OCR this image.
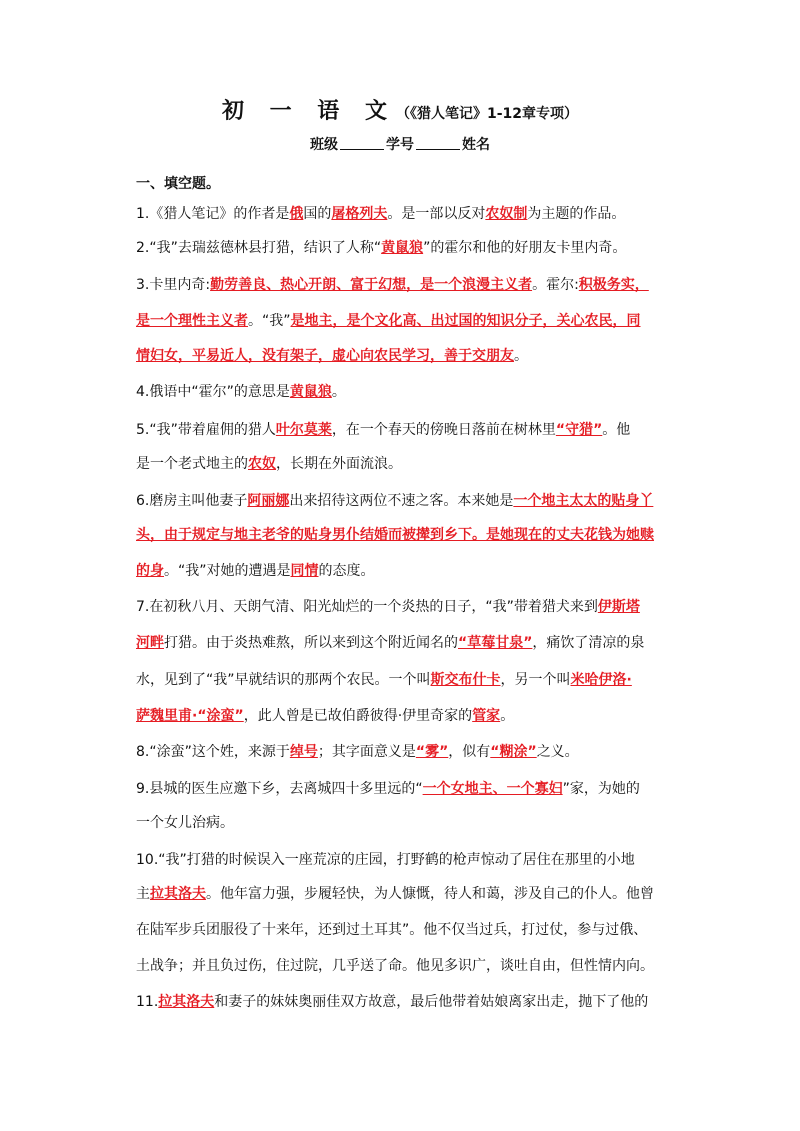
初 一 语 文（《猎人笔记》1-12章专项）
班级	学号	姓名
一、填空题。
1.《猎人笔记》的作者是俄国的屠格列夫。是一部以反对农奴制为主题的作品。
2.“我”去瑞兹德林县打猎，结识了人称“黄鼠狼”的霍尔和他的好朋友卡里内奇。
3.卡里内奇:勤劳善良、热心开朗、富于幻想，是一个浪漫主义者。霍尔:积极务实，
是一个理性主义者。“我”是地主，是个文化高、出过国的知识分子，关心农民，同
情妇女，平易近人，没有架子，虚心向农民学习，善于交朋友。
4.俄语中“霍尔”的意思是黄鼠狼。
5.“我”带着雇佣的猎人叶尔莫莱，在一个春天的傍晚日落前在树林里“守猎”。他
是一个老式地主的农奴，长期在外面流浪。
6.磨房主叫他妻子阿丽娜出来招待这两位不速之客。本来她是一个地主太太的贴身丫
头，由于规定与地主老爷的贴身男仆结婚而被撵到乡下。是她现在的丈夫花钱为她赎
的身。“我”对她的遭遇是同情的态度。
7.在初秋八月、天朗气清、阳光灿烂的一个炎热的日子，“我”带着猎犬来到伊斯塔
河畔打猎。由于炎热难熬，所以来到这个附近闻名的“草莓甘泉”，痛饮了清凉的泉
水，见到了“我”早就结识的那两个农民。一个叫斯交布什卡，另一个叫米哈伊洛·
萨魏里甫·“涂蛮”，此人曾是已故伯爵彼得·伊里奇家的管家。
8.“涂蛮”这个姓，来源于绰号；其字面意义是“雾”，似有“糊涂”之义。
9.县城的医生应邀下乡，去离城四十多里远的“一个女地主、一个寡妇”家，为她的
一个女儿治病。
10.“我”打猎的时候误入一座荒凉的庄园，打野鹤的枪声惊动了居住在那里的小地
主拉其洛夫。他年富力强，步履轻快，为人慷慨，待人和蔼，涉及自己的仆人。他曾
在陆军步兵团服役了十来年，还到过土耳其”。他不仅当过兵，打过仗，参与过俄、
土战争；并且负过伤，住过院，几乎送了命。他见多识广，谈吐自由，但性情内向。
11.拉其洛夫和妻子的妹妹奥丽佳双方故意，最后他带着姑娘离家出走，抛下了他的
